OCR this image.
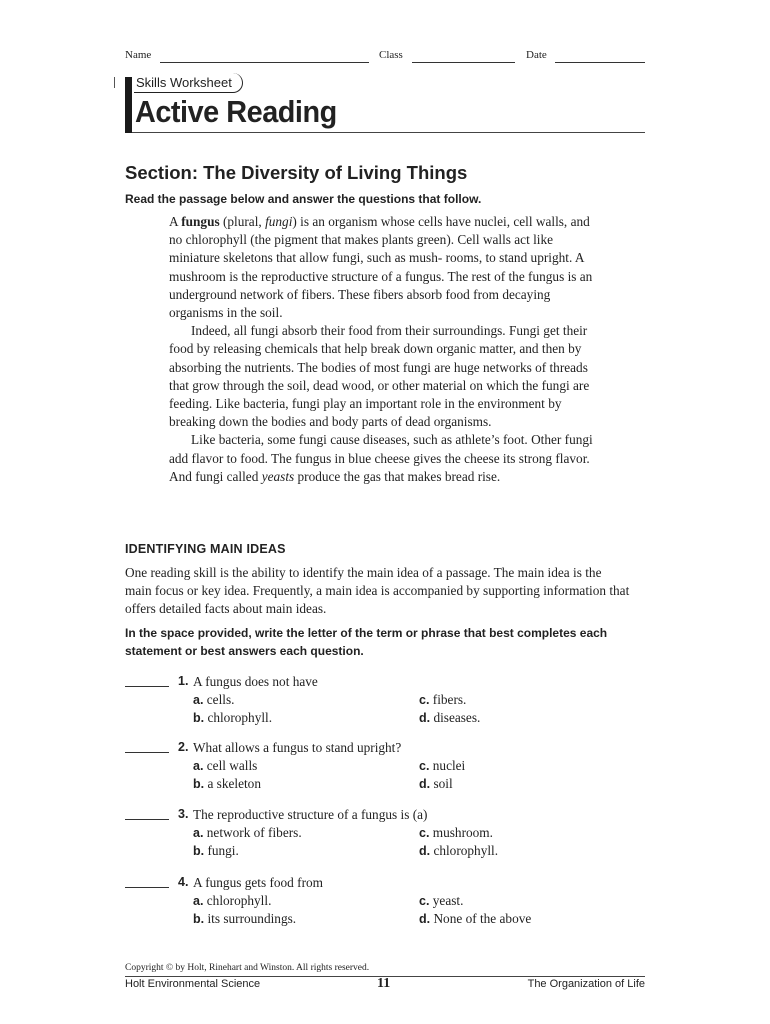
Name	Class	Date
Skills Worksheet
Active Reading
Section: The Diversity of Living Things
Read the passage below and answer the questions that follow.

A fungus (plural, fungi) is an organism whose cells have nuclei, cell walls, and no chlorophyll (the pigment that makes plants green). Cell walls act like miniature skeletons that allow fungi, such as mush- rooms, to stand upright. A mushroom is the reproductive structure of a fungus. The rest of the fungus is an underground network of fibers. These fibers absorb food from decaying organisms in the soil.

Indeed, all fungi absorb their food from their surroundings. Fungi get their food by releasing chemicals that help break down organic matter, and then by absorbing the nutrients. The bodies of most fungi are huge networks of threads that grow through the soil, dead wood, or other material on which the fungi are feeding. Like bacteria, fungi play an important role in the environment by breaking down the bodies and body parts of dead organisms.

Like bacteria, some fungi cause diseases, such as athlete’s foot. Other fungi add flavor to food. The fungus in blue cheese gives the cheese its strong flavor. And fungi called yeasts produce the gas that makes bread rise.

IDENTIFYING MAIN IDEAS
One reading skill is the ability to identify the main idea of a passage. The main idea is the main focus or key idea. Frequently, a main idea is accompanied by supporting information that offers detailed facts about main ideas.
In the space provided, write the letter of the term or phrase that best completes each statement or best answers each question.
1. A fungus does not have
a. cells.
b. chlorophyll.
c. fibers.
d. diseases.
2. What allows a fungus to stand upright?
a. cell walls
b. a skeleton
c. nuclei
d. soil
3. The reproductive structure of a fungus is (a)
a. network of fibers.
b. fungi.
c. mushroom.
d. chlorophyll.
4. A fungus gets food from
a. chlorophyll.
b. its surroundings.
c. yeast.
d. None of the above
Copyright © by Holt, Rinehart and Winston. All rights reserved.
Holt Environmental Science	11	The Organization of Life
